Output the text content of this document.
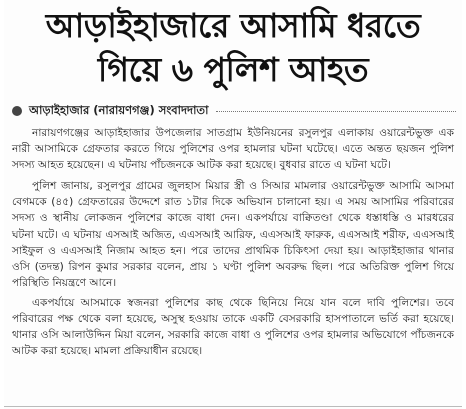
আড়াইহাজারে আসামি ধরতে
গিয়ে ৬ পুলিশ আহত
আড়াইহাজার (নারায়ণগঞ্জ) সংবাদদাতা

নারায়ণগঞ্জের আড়াইহাজার উপজেলার সাতগ্রাম ইউনিয়নের রসুলপুর এলাকায় ওয়ারেন্টভুক্ত এক নারী আসামিকে গ্রেফতার করতে গিয়ে পুলিশের ওপর হামলার ঘটনা ঘটেছে। এতে অন্তত ছয়জন পুলিশ সদস্য আহত হয়েছেন। এ ঘটনায় পাঁচজনকে আটক করা হয়েছে। বুধবার রাতে এ ঘটনা ঘটে।

পুলিশ জানায়, রসুলপুর গ্রামের জুলহাস মিয়ার স্ত্রী ও সিআর মামলার ওয়ারেন্টভুক্ত আসামি আসমা বেগমকে (৪৫) গ্রেফতারের উদ্দেশে রাত ১টার দিকে অভিযান চালানো হয়। এ সময় আসামির পরিবারের সদস্য ও স্থানীয় লোকজন পুলিশের কাজে বাধা দেন। একপর্যায়ে বাক্বিতণ্ডা থেকে ধস্তাধস্তি ও মারধরের ঘটনা ঘটে। এ ঘটনায় এসআই অজিত, এএসআই আরিফ, এএসআই ফারুক, এএসআই শরীফ, এএসআই সাইফুল ও এএসআই নিজাম আহত হন। পরে তাদের প্রাথমিক চিকিৎসা দেয়া হয়। আড়াইহাজার থানার ওসি (তদন্ত) রিপন কুমার সরকার বলেন, প্রায় ১ ঘণ্টা পুলিশ অবরুদ্ধ ছিল। পরে অতিরিক্ত পুলিশ গিয়ে পরিস্থিতি নিয়ন্ত্রণে আনে।

একপর্যায়ে আসমাকে স্বজনরা পুলিশের কাছ থেকে ছিনিয়ে নিয়ে যান বলে দাবি পুলিশের। তবে পরিবারের পক্ষ থেকে বলা হয়েছে, অসুস্থ হওয়ায় তাকে একটি বেসরকারি হাসপাতালে ভর্তি করা হয়েছে। থানার ওসি আলাউদ্দিন মিয়া বলেন, সরকারি কাজে বাধা ও পুলিশের ওপর হামলার অভিযোগে পাঁচজনকে আটক করা হয়েছে। মামলা প্রক্রিয়াধীন রয়েছে।
